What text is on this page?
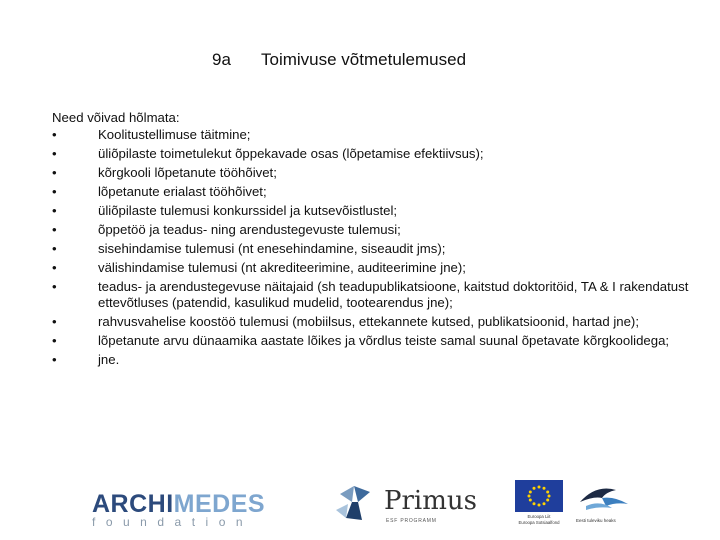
9a Toimivuse võtmetulemused
Need võivad hõlmata:
•	Koolitustellimuse täitmine;
•	üliõpilaste toimetulekut õppekavade osas (lõpetamise efektiivsus);
•	kõrgkooli lõpetanute tööhõivet;
•	lõpetanute erialast tööhõivet;
•	üliõpilaste tulemusi konkurssidel ja kutsevõistlustel;
•	õppetöö ja teadus- ning arendustegevuste tulemusi;
•	sisehindamise tulemusi (nt enesehindamine, siseaudit jms);
•	välishindamise tulemusi (nt akrediteerimine, auditeerimine jne);
•	teadus- ja arendustegevuse näitajaid (sh teadupublikatsioone, kaitstud doktoritöid, TA & I rakendatust ettevõtluses (patendid, kasulikud mudelid, tootearendus jne);
•	rahvusvahelise koostöö tulemusi (mobiilsus, ettekannete kutsed, publikatsioonid, hartad jne);
•	lõpetanute arvu dünaamika aastate lõikes ja võrdlus teiste samal suunal õpetavate kõrgkoolidega;
•	jne.
ARCHIMEDES
foundation
Primus
ESF PROGRAMM
Euroopa Liit
Euroopa Sotsiaalfond	Eesti tuleviku heaks
